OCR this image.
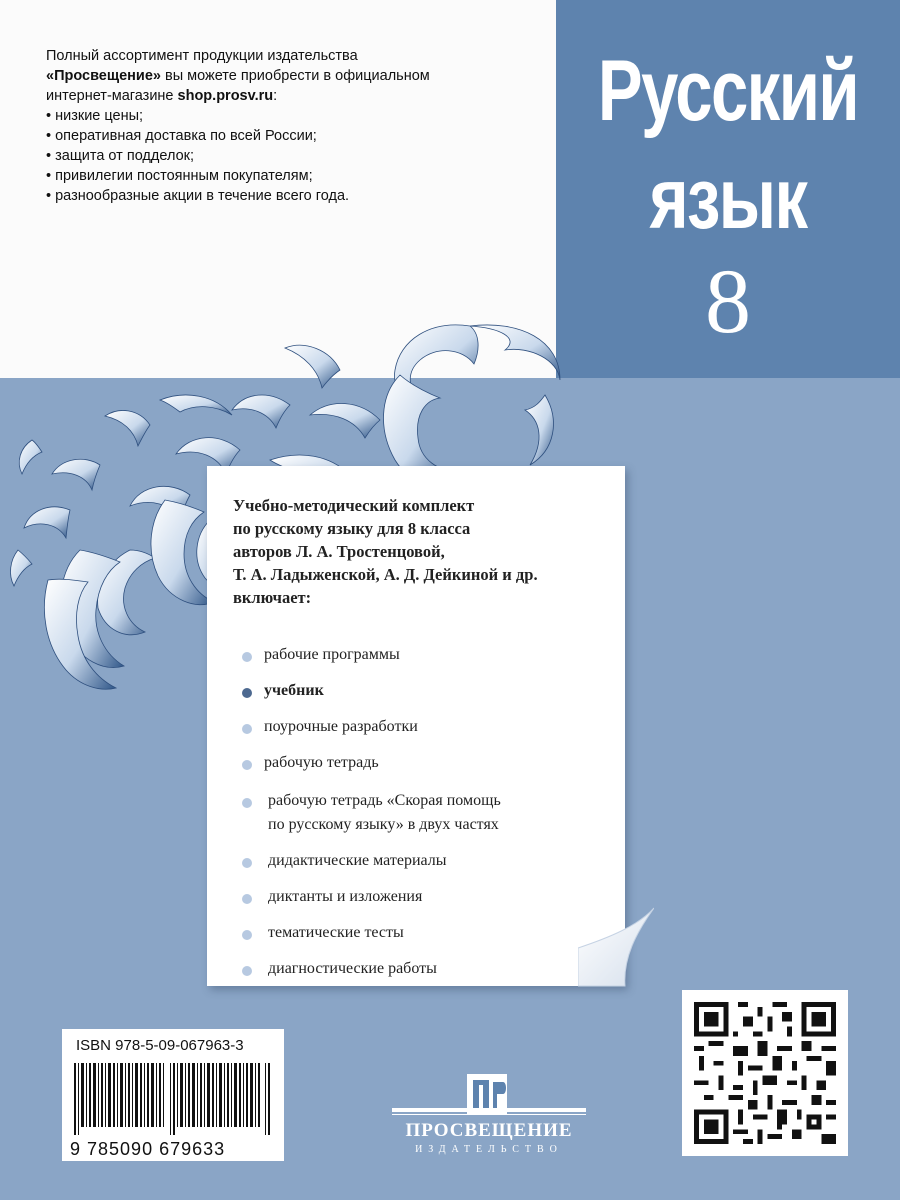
Полный ассортимент продукции издательства
«Просвещение» вы можете приобрести в официальном
интернет-магазине shop.prosv.ru:
• низкие цены;
• оперативная доставка по всей России;
• защита от подделок;
• привилегии постоянным покупателям;
• разнообразные акции в течение всего года.
Русский
язык
8
Учебно-методический комплект
по русскому языку для 8 класса
авторов Л. А. Тростенцовой,
Т. А. Ладыженской, А. Д. Дейкиной и др.
включает:
рабочие программы
учебник
поурочные разработки
рабочую тетрадь
рабочую тетрадь «Скорая помощь
по русскому языку» в двух частях
дидактические материалы
диктанты и изложения
тематические тесты
диагностические работы
ISBN 978-5-09-067963-3
9 785090 679633
ПРОСВЕЩЕНИЕ
ИЗДАТЕЛЬСТВО
